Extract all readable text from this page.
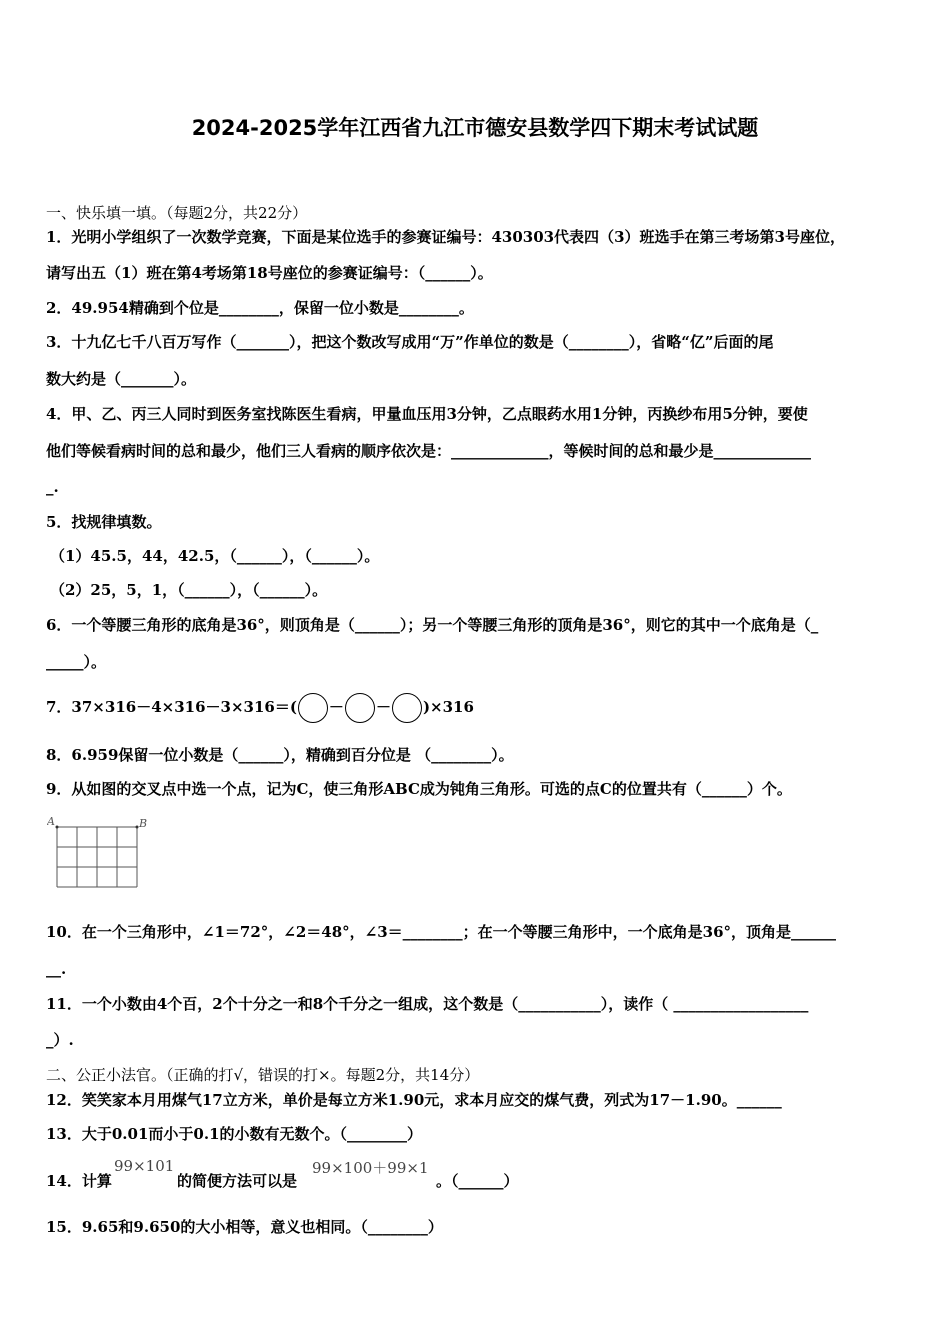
2024-2025学年江西省九江市德安县数学四下期末考试试题
一、快乐填一填。（每题2分，共22分）
1．光明小学组织了一次数学竞赛，下面是某位选手的参赛证编号：430303代表四（3）班选手在第三考场第3号座位，
请写出五（1）班在第4考场第18号座位的参赛证编号：（______）。
2．49.954精确到个位是________，保留一位小数是________。
3．十九亿七千八百万写作（_______），把这个数改写成用“万”作单位的数是（________），省略“亿”后面的尾
数大约是（_______）。
4．甲、乙、丙三人同时到医务室找陈医生看病，甲量血压用3分钟，乙点眼药水用1分钟，丙换纱布用5分钟，要使
他们等候看病时间的总和最少，他们三人看病的顺序依次是：_____________，等候时间的总和最少是_____________
_.
5．找规律填数。
（1）45.5，44，42.5，（______），（______）。
（2）25，5，1，（______），（______）。
6．一个等腰三角形的底角是36°，则顶角是（______）；另一个等腰三角形的顶角是36°，则它的其中一个底角是（_
_____）。
7．37×316－4×316－3×316＝( － － )×316
8．6.959保留一位小数是（______），精确到百分位是 （________）。
9．从如图的交叉点中选一个点，记为C，使三角形ABC成为钝角三角形。可选的点C的位置共有（______）个。
A	B
10．在一个三角形中，∠1＝72°，∠2＝48°，∠3＝________；在一个等腰三角形中，一个底角是36°，顶角是______
__.
11．一个小数由4个百，2个十分之一和8个千分之一组成，这个数是（___________），读作（ __________________
_）.
二、公正小法官。（正确的打√，错误的打×。每题2分，共14分）
12．笑笑家本月用煤气17立方米，单价是每立方米1.90元，求本月应交的煤气费，列式为17－1.90。______
13．大于0.01而小于0.1的小数有无数个。（________）
14．计算
99×101
的简便方法可以是
99×100＋99×1
。（______）
15．9.65和9.650的大小相等，意义也相同。（________）
